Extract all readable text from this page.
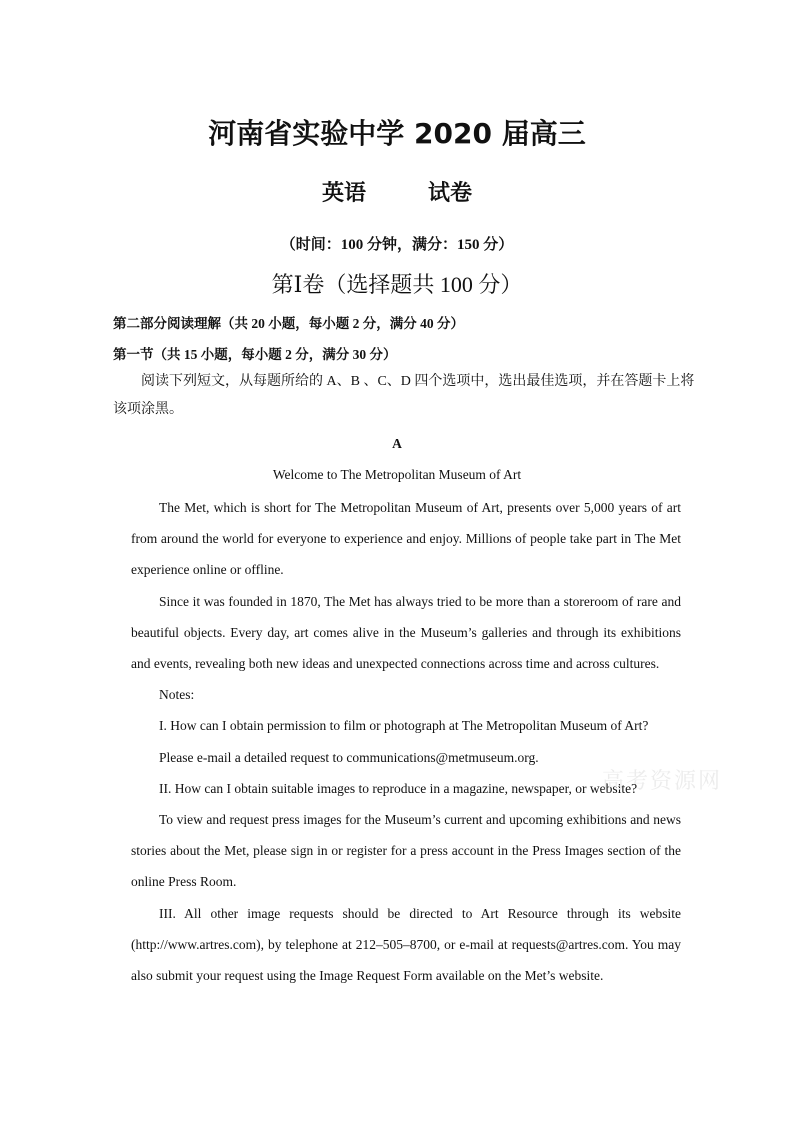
河南省实验中学 2020 届高三
英语	试卷
（时间：100 分钟，满分：150 分）
第Ⅰ卷（选择题共 100 分）
第二部分阅读理解（共 20 小题，每小题 2 分，满分 40 分）
第一节（共 15 小题，每小题 2 分，满分 30 分）
阅读下列短文，从每题所给的 A、B 、C、D 四个选项中，选出最佳选项，并在答题卡上将该项涂黑。
A
Welcome to The Metropolitan Museum of Art

The Met, which is short for The Metropolitan Museum of Art, presents over 5,000 years of art from around the world for everyone to experience and enjoy. Millions of people take part in The Met experience online or offline.

Since it was founded in 1870, The Met has always tried to be more than a storeroom of rare and beautiful objects. Every day, art comes alive in the Museum’s galleries and through its exhibitions and events, revealing both new ideas and unexpected connections across time and across cultures.

Notes:

I. How can I obtain permission to film or photograph at The Metropolitan Museum of Art?

Please e-mail a detailed request to communications@metmuseum.org.

II. How can I obtain suitable images to reproduce in a magazine, newspaper, or website?

To view and request press images for the Museum’s current and upcoming exhibitions and news stories about the Met, please sign in or register for a press account in the Press Images section of the online Press Room.

III. All other image requests should be directed to Art Resource through its website (http://www.artres.com), by telephone at 212–505–8700, or e-mail at requests@artres.com. You may also submit your request using the Image Request Form available on the Met’s website.

高考资源网
